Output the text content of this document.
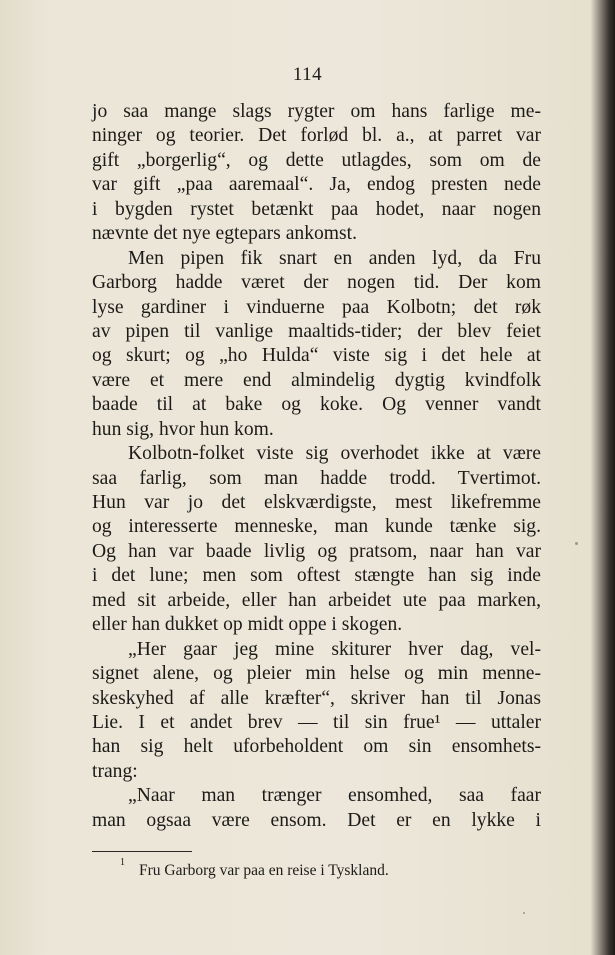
114
jo saa mange slags rygter om hans farlige me-
ninger og teorier. Det forlød bl. a., at parret var
gift „borgerlig“, og dette utlagdes, som om de
var gift „paa aaremaal“. Ja, endog presten nede
i bygden rystet betænkt paa hodet, naar nogen
nævnte det nye egtepars ankomst.
Men pipen fik snart en anden lyd, da Fru
Garborg hadde været der nogen tid. Der kom
lyse gardiner i vinduerne paa Kolbotn; det røk
av pipen til vanlige maaltids-tider; der blev feiet
og skurt; og „ho Hulda“ viste sig i det hele at
være et mere end almindelig dygtig kvindfolk
baade til at bake og koke. Og venner vandt
hun sig, hvor hun kom.
Kolbotn-folket viste sig overhodet ikke at være
saa farlig, som man hadde trodd. Tvertimot.
Hun var jo det elskværdigste, mest likefremme
og interesserte menneske, man kunde tænke sig.
Og han var baade livlig og pratsom, naar han var
i det lune; men som oftest stængte han sig inde
med sit arbeide, eller han arbeidet ute paa marken,
eller han dukket op midt oppe i skogen.
„Her gaar jeg mine skiturer hver dag, vel-
signet alene, og pleier min helse og min menne-
skeskyhed af alle kræfter“, skriver han til Jonas
Lie. I et andet brev — til sin frue¹ — uttaler
han sig helt uforbeholdent om sin ensomhets-
trang:
„Naar man trænger ensomhed, saa faar
man ogsaa være ensom. Det er en lykke i
$^1$ Fru Garborg var paa en reise i Tyskland.
